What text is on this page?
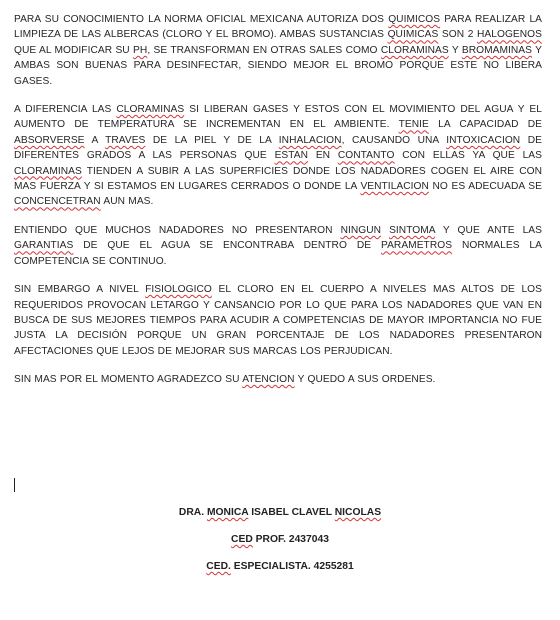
PARA SU CONOCIMIENTO LA NORMA OFICIAL MEXICANA AUTORIZA DOS QUIMICOS PARA REALIZAR LA LIMPIEZA DE LAS ALBERCAS (CLORO Y EL BROMO). AMBAS SUSTANCIAS QUIMICAS SON 2 HALOGENOS QUE AL MODIFICAR SU PH, SE TRANSFORMAN EN OTRAS SALES COMO CLORAMINAS Y BROMAMINAS Y AMBAS SON BUENAS PARA DESINFECTAR, SIENDO MEJOR EL BROMO PORQUE ESTE NO LIBERA GASES.

A DIFERENCIA LAS CLORAMINAS SI LIBERAN GASES Y ESTOS CON EL MOVIMIENTO DEL AGUA Y EL AUMENTO DE TEMPERATURA SE INCREMENTAN EN EL AMBIENTE. TENIE LA CAPACIDAD DE ABSORVERSE A TRAVES DE LA PIEL Y DE LA INHALACION, CAUSANDO UNA INTOXICACION DE DIFERENTES GRADOS A LAS PERSONAS QUE ESTAN EN CONTANTO CON ELLAS YA QUE LAS CLORAMINAS TIENDEN A SUBIR A LAS SUPERFICIES DONDE LOS NADADORES COGEN EL AIRE CON MAS FUERZA Y SI ESTAMOS EN LUGARES CERRADOS O DONDE LA VENTILACION NO ES ADECUADA SE CONCENCETRAN AUN MAS.

ENTIENDO QUE MUCHOS NADADORES NO PRESENTARON NINGUN SINTOMA Y QUE ANTE LAS GARANTIAS DE QUE EL AGUA SE ENCONTRABA DENTRO DE PARAMETROS NORMALES LA COMPETENCIA SE CONTINUO.

SIN EMBARGO A NIVEL FISIOLOGICO EL CLORO EN EL CUERPO A NIVELES MAS ALTOS DE LOS REQUERIDOS PROVOCAN LETARGO Y CANSANCIO POR LO QUE PARA LOS NADADORES QUE VAN EN BUSCA DE SUS MEJORES TIEMPOS PARA ACUDIR A COMPETENCIAS DE MAYOR IMPORTANCIA NO FUE JUSTA LA DECISIÓN PORQUE UN GRAN PORCENTAJE DE LOS NADADORES PRESENTARON AFECTACIONES QUE LEJOS DE MEJORAR SUS MARCAS LOS PERJUDICAN.

SIN MAS POR EL MOMENTO AGRADEZCO SU ATENCION Y QUEDO A SUS ORDENES.

DRA. MONICA ISABEL CLAVEL NICOLAS
CED PROF. 2437043
CED. ESPECIALISTA. 4255281
